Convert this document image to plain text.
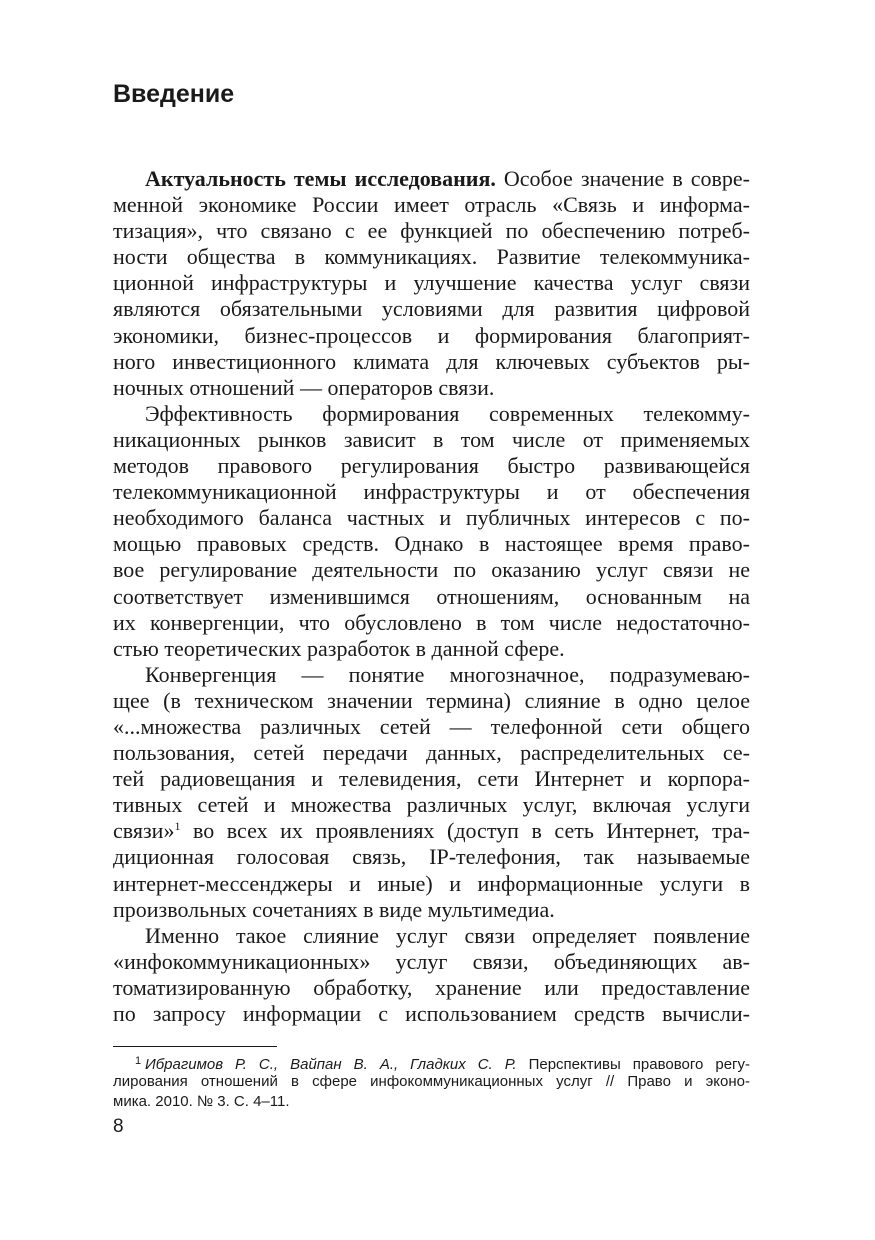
Введение
Актуальность темы исследования. Особое значение в совре-
менной экономике России имеет отрасль «Связь и информа-
тизация», что связано с ее функцией по обеспечению потреб-
ности общества в коммуникациях. Развитие телекоммуника-
ционной инфраструктуры и улучшение качества услуг связи
являются обязательными условиями для развития цифровой
экономики, бизнес-процессов и формирования благоприят-
ного инвестиционного климата для ключевых субъектов ры-
ночных отношений — операторов связи.
Эффективность формирования современных телекомму-
никационных рынков зависит в том числе от применяемых
методов правового регулирования быстро развивающейся
телекоммуникационной инфраструктуры и от обеспечения
необходимого баланса частных и публичных интересов с по-
мощью правовых средств. Однако в настоящее время право-
вое регулирование деятельности по оказанию услуг связи не
соответствует изменившимся отношениям, основанным на
их конвергенции, что обусловлено в том числе недостаточно-
стью теоретических разработок в данной сфере.
Конвергенция — понятие многозначное, подразумеваю-
щее (в техническом значении термина) слияние в одно целое
«...множества различных сетей — телефонной сети общего
пользования, сетей передачи данных, распределительных се-
тей радиовещания и телевидения, сети Интернет и корпора-
тивных сетей и множества различных услуг, включая услуги
связи»$^1$ во всех их проявлениях (доступ в сеть Интернет, тра-
диционная голосовая связь, IP-телефония, так называемые
интернет-мессенджеры и иные) и информационные услуги в
произвольных сочетаниях в виде мультимедиа.
Именно такое слияние услуг связи определяет появление
«инфокоммуникационных» услуг связи, объединяющих ав-
томатизированную обработку, хранение или предоставление
по запросу информации с использованием средств вычисли-
1 Ибрагимов Р. С., Вайпан В. А., Гладких С. Р. Перспективы правового регу-
лирования отношений в сфере инфокоммуникационных услуг // Право и эконо-
мика. 2010. № 3. С. 4–11.
8
